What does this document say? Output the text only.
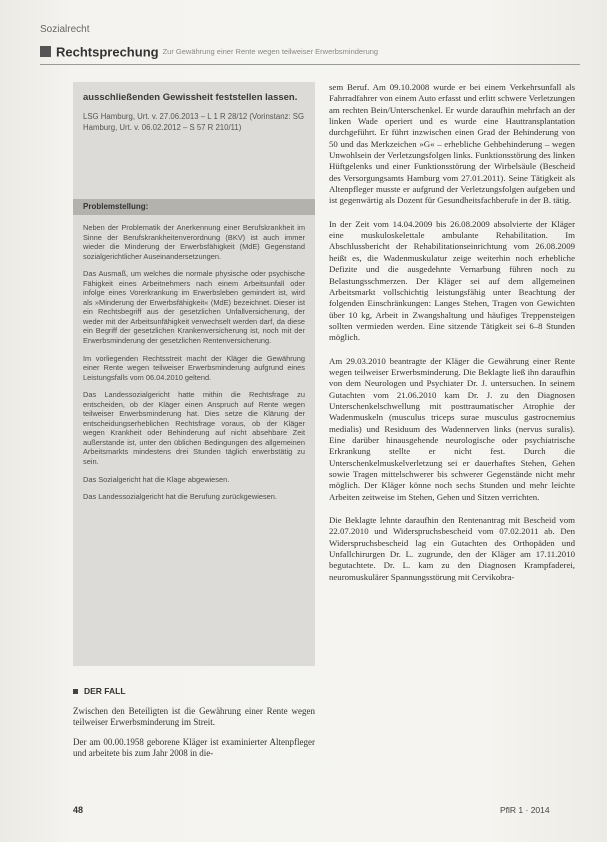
Sozialrecht
Rechtsprechung Zur Gewährung einer Rente wegen teilweiser Erwerbsminderung

ausschließenden Gewissheit feststellen lassen.

LSG Hamburg, Urt. v. 27.06.2013 – L 1 R 28/12 (Vorinstanz: SG Hamburg, Urt. v. 06.02.2012 – S 57 R 210/11)

Problemstellung:

Neben der Problematik der Anerkennung einer Berufskrankheit im Sinne der Berufskrankheitenverordnung (BKV) ist auch immer wieder die Minderung der Erwerbsfähigkeit (MdE) Gegenstand sozialgerichtlicher Auseinandersetzungen.

Das Ausmaß, um welches die normale physische oder psychische Fähigkeit eines Arbeitnehmers nach einem Arbeitsunfall oder infolge eines Vorerkrankung im Erwerbsleben gemindert ist, wird als »Minderung der Erwerbsfähigkeit« (MdE) bezeichnet. Dieser ist ein Rechtsbegriff aus der gesetzlichen Unfallversicherung, der weder mit der Arbeitsunfähigkeit verwechselt werden darf, da diese ein Begriff der gesetzlichen Krankenversicherung ist, noch mit der Erwerbsminderung der gesetzlichen Rentenversicherung.

Im vorliegenden Rechtsstreit macht der Kläger die Gewährung einer Rente wegen teilweiser Erwerbsminderung aufgrund eines Leistungsfalls vom 06.04.2010 geltend.

Das Landessozialgericht hatte mithin die Rechtsfrage zu entscheiden, ob der Kläger einen Anspruch auf Rente wegen teilweiser Erwerbsminderung hat. Dies setze die Klärung der entscheidungserheblichen Rechtsfrage voraus, ob der Kläger wegen Krankheit oder Behinderung auf nicht absehbare Zeit außerstande ist, unter den üblichen Bedingungen des allgemeinen Arbeitsmarkts mindestens drei Stunden täglich erwerbstätig zu sein.

Das Sozialgericht hat die Klage abgewiesen.

Das Landessozialgericht hat die Berufung zurückgewiesen.

DER FALL

Zwischen den Beteiligten ist die Gewährung einer Rente wegen teilweiser Erwerbsminderung im Streit.

Der am 00.00.1958 geborene Kläger ist examinierter Altenpfleger und arbeitete bis zum Jahr 2008 in die-

sem Beruf. Am 09.10.2008 wurde er bei einem Verkehrsunfall als Fahrradfahrer von einem Auto erfasst und erlitt schwere Verletzungen am rechten Bein/Unterschenkel. Er wurde daraufhin mehrfach an der linken Wade operiert und es wurde eine Hauttransplantation durchgeführt. Er führt inzwischen einen Grad der Behinderung von 50 und das Merkzeichen »G« – erhebliche Gehbehinderung – wegen Unwohlsein der Verletzungsfolgen links. Funktionsstörung des linken Hüftgelenks und einer Funktionsstörung der Wirbelsäule (Bescheid des Versorgungsamts Hamburg vom 27.01.2011). Seine Tätigkeit als Altenpfleger musste er aufgrund der Verletzungsfolgen aufgeben und ist gegenwärtig als Dozent für Gesundheitsfachberufe in der B. tätig.

In der Zeit vom 14.04.2009 bis 26.08.2009 absolvierte der Kläger eine muskuloskelettale ambulante Rehabilitation. Im Abschlussbericht der Rehabilitationseinrichtung vom 26.08.2009 heißt es, die Wadenmuskulatur zeige weiterhin noch erhebliche Defizite und die ausgedehnte Vernarbung führen noch zu Belastungsschmerzen. Der Kläger sei auf dem allgemeinen Arbeitsmarkt vollschichtig leistungsfähig unter Beachtung der folgenden Einschränkungen: Langes Stehen, Tragen von Gewichten über 10 kg, Arbeit in Zwangshaltung und häufiges Treppensteigen sollten vermieden werden. Eine sitzende Tätigkeit sei 6–8 Stunden möglich.

Am 29.03.2010 beantragte der Kläger die Gewährung einer Rente wegen teilweiser Erwerbsminderung. Die Beklagte ließ ihn daraufhin von dem Neurologen und Psychiater Dr. J. untersuchen. In seinem Gutachten vom 21.06.2010 kam Dr. J. zu den Diagnosen Unterschenkelschwellung mit posttraumatischer Atrophie der Wadenmuskeln (musculus triceps surae musculus gastrocnemius medialis) und Residuum des Wadennerven links (nervus suralis). Eine darüber hinausgehende neurologische oder psychiatrische Erkrankung stellte er nicht fest. Durch die Unterschenkelmuskelverletzung sei er dauerhaftes Stehen, Gehen sowie Tragen mittelschwerer bis schwerer Gegenstände nicht mehr möglich. Der Kläger könne noch sechs Stunden und mehr leichte Arbeiten zeitweise im Stehen, Gehen und Sitzen verrichten.

Die Beklagte lehnte daraufhin den Rentenantrag mit Bescheid vom 22.07.2010 und Widerspruchsbescheid vom 07.02.2011 ab. Den Widerspruchsbescheid lag ein Gutachten des Orthopäden und Unfallchirurgen Dr. L. zugrunde, den der Kläger am 17.11.2010 begutachtete. Dr. L. kam zu den Diagnosen Krampfaderei, neuromuskulärer Spannungsstörung mit Cervikobra-

48	PflR 1 · 2014
